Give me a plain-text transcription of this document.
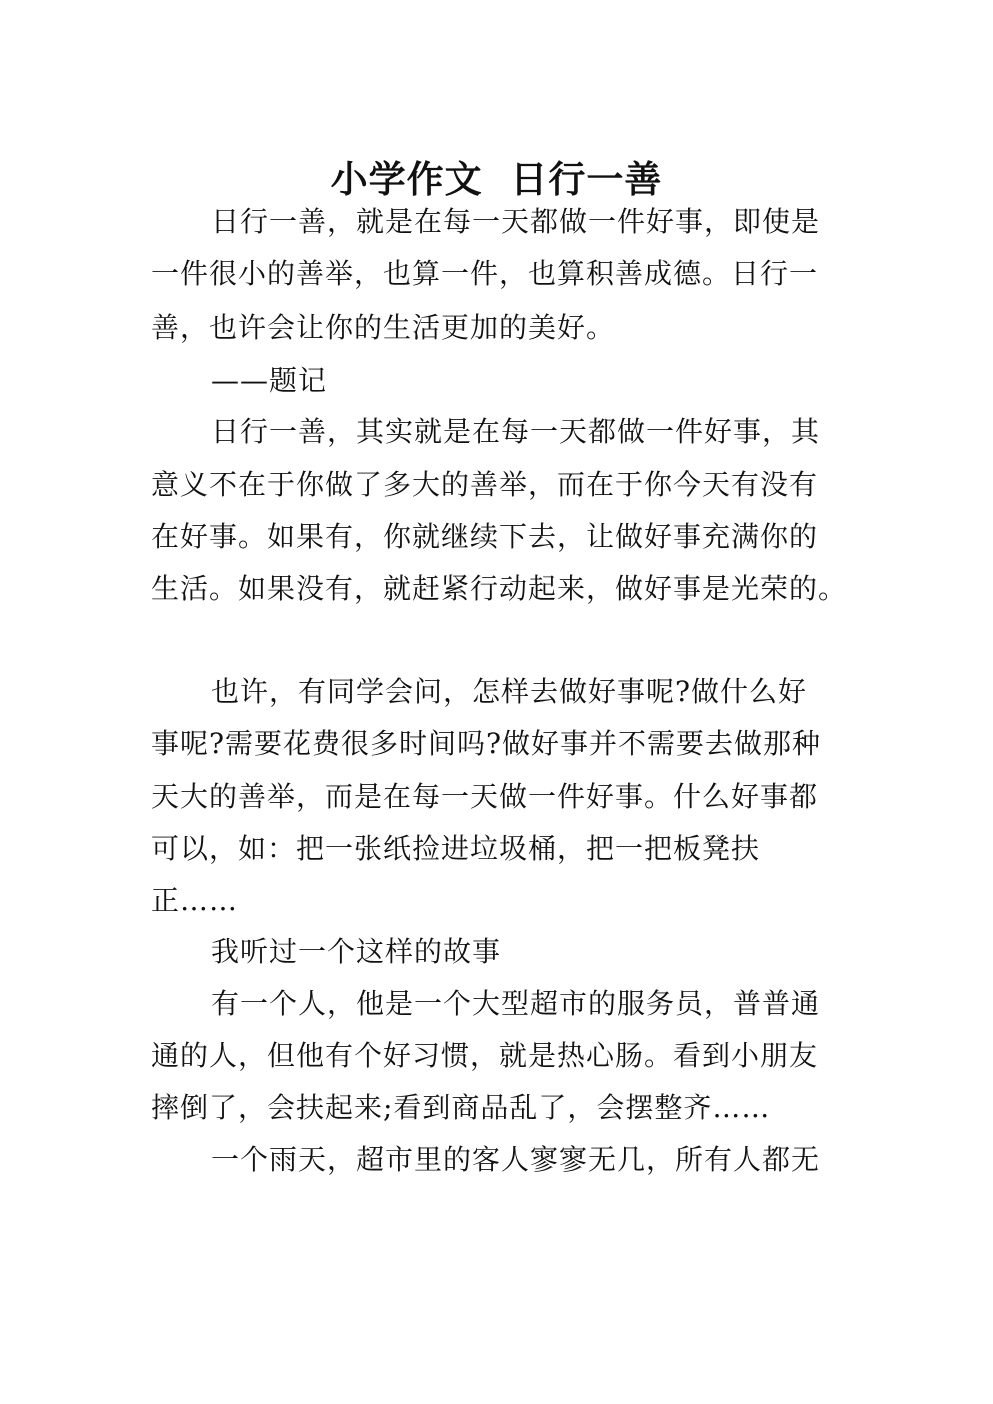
小学作文  日行一善
日行一善，就是在每一天都做一件好事，即使是
一件很小的善举，也算一件，也算积善成德。日行一
善，也许会让你的生活更加的美好。
——题记
日行一善，其实就是在每一天都做一件好事，其
意义不在于你做了多大的善举，而在于你今天有没有
在好事。如果有，你就继续下去，让做好事充满你的
生活。如果没有，就赶紧行动起来，做好事是光荣的。
也许，有同学会问，怎样去做好事呢?做什么好
事呢?需要花费很多时间吗?做好事并不需要去做那种
天大的善举，而是在每一天做一件好事。什么好事都
可以，如：把一张纸捡进垃圾桶，把一把板凳扶
正……
我听过一个这样的故事
有一个人，他是一个大型超市的服务员，普普通
通的人，但他有个好习惯，就是热心肠。看到小朋友
摔倒了，会扶起来;看到商品乱了，会摆整齐……
一个雨天，超市里的客人寥寥无几，所有人都无
